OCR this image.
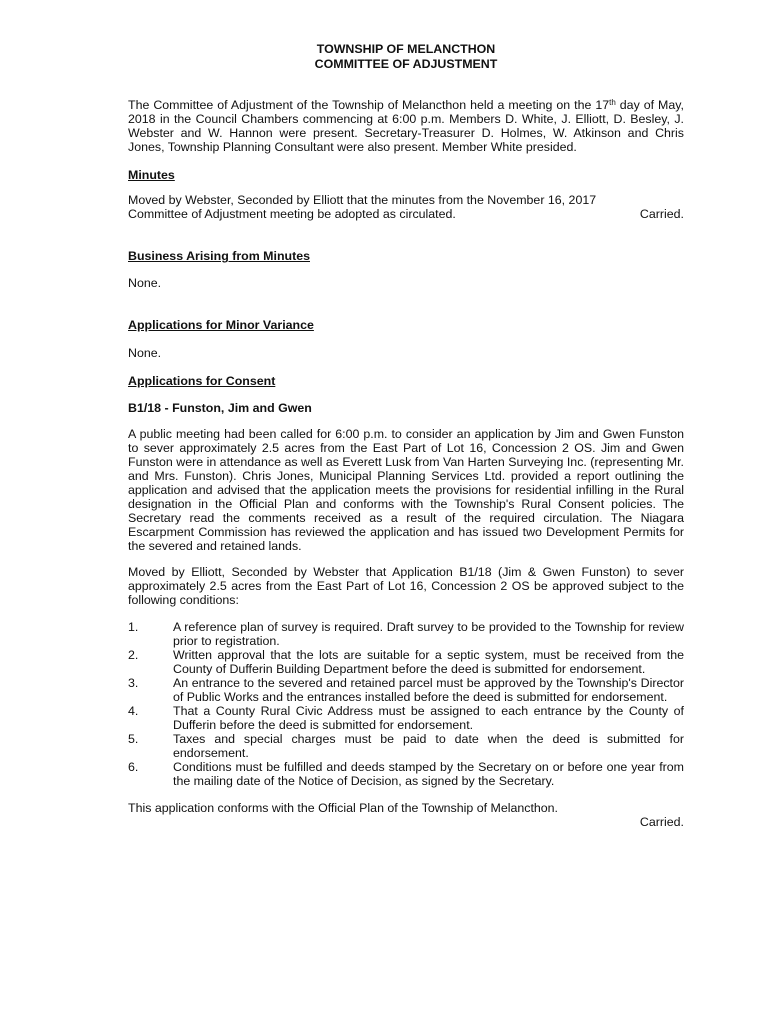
TOWNSHIP OF MELANCTHON
COMMITTEE OF ADJUSTMENT

The Committee of Adjustment of the Township of Melancthon held a meeting on the 17th day of May, 2018 in the Council Chambers commencing at 6:00 p.m. Members D. White, J. Elliott, D. Besley, J. Webster and W. Hannon were present. Secretary-Treasurer D. Holmes, W. Atkinson and Chris Jones, Township Planning Consultant were also present. Member White presided.

Minutes

Moved by Webster, Seconded by Elliott that the minutes from the November 16, 2017

Committee of Adjustment meeting be adopted as circulated.	Carried.

Business Arising from Minutes

None.

Applications for Minor Variance

None.

Applications for Consent

B1/18 - Funston, Jim and Gwen

A public meeting had been called for 6:00 p.m. to consider an application by Jim and Gwen Funston to sever approximately 2.5 acres from the East Part of Lot 16, Concession 2 OS. Jim and Gwen Funston were in attendance as well as Everett Lusk from Van Harten Surveying Inc. (representing Mr. and Mrs. Funston). Chris Jones, Municipal Planning Services Ltd. provided a report outlining the application and advised that the application meets the provisions for residential infilling in the Rural designation in the Official Plan and conforms with the Township's Rural Consent policies. The Secretary read the comments received as a result of the required circulation. The Niagara Escarpment Commission has reviewed the application and has issued two Development Permits for the severed and retained lands.

Moved by Elliott, Seconded by Webster that Application B1/18 (Jim & Gwen Funston) to sever approximately 2.5 acres from the East Part of Lot 16, Concession 2 OS be approved subject to the following conditions:

1.	A reference plan of survey is required. Draft survey to be provided to the Township for review prior to registration.
2.	Written approval that the lots are suitable for a septic system, must be received from the County of Dufferin Building Department before the deed is submitted for endorsement.
3.	An entrance to the severed and retained parcel must be approved by the Township's Director of Public Works and the entrances installed before the deed is submitted for endorsement.
4.	That a County Rural Civic Address must be assigned to each entrance by the County of Dufferin before the deed is submitted for endorsement.
5.	Taxes and special charges must be paid to date when the deed is submitted for endorsement.
6.	Conditions must be fulfilled and deeds stamped by the Secretary on or before one year from the mailing date of the Notice of Decision, as signed by the Secretary.

This application conforms with the Official Plan of the Township of Melancthon.

Carried.
